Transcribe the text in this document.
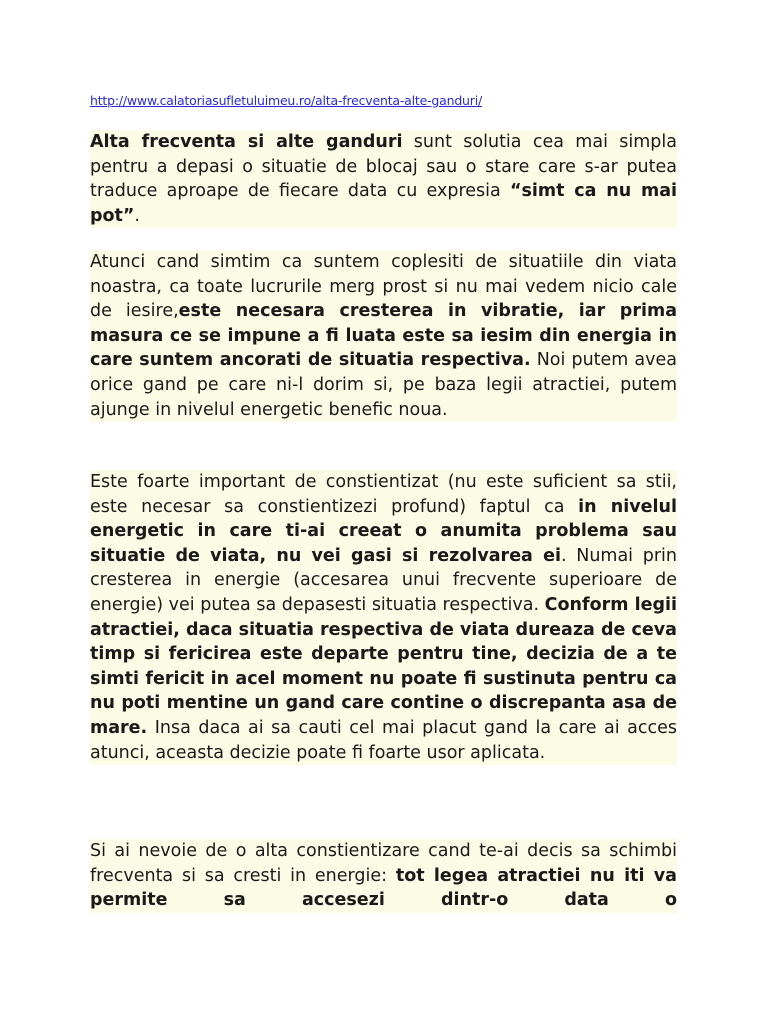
http://www.calatoriasufletuluimeu.ro/alta-frecventa-alte-ganduri/

Alta frecventa si alte ganduri sunt solutia cea mai simpla pentru a depasi o situatie de blocaj sau o stare care s-ar putea traduce aproape de fiecare data cu expresia “simt ca nu mai pot”.

Atunci cand simtim ca suntem coplesiti de situatiile din viata noastra, ca toate lucrurile merg prost si nu mai vedem nicio cale de iesire,este necesara cresterea in vibratie, iar prima masura ce se impune a fi luata este sa iesim din energia in care suntem ancorati de situatia respectiva. Noi putem avea orice gand pe care ni-l dorim si, pe baza legii atractiei, putem ajunge in nivelul energetic benefic noua.

Este foarte important de constientizat (nu este suficient sa stii, este necesar sa constientizezi profund) faptul ca in nivelul energetic in care ti-ai creeat o anumita problema sau situatie de viata, nu vei gasi si rezolvarea ei. Numai prin cresterea in energie (accesarea unui frecvente superioare de energie) vei putea sa depasesti situatia respectiva. Conform legii atractiei, daca situatia respectiva de viata dureaza de ceva timp si fericirea este departe pentru tine, decizia de a te simti fericit in acel moment nu poate fi sustinuta pentru ca nu poti mentine un gand care contine o discrepanta asa de mare. Insa daca ai sa cauti cel mai placut gand la care ai acces atunci, aceasta decizie poate fi foarte usor aplicata.

Si ai nevoie de o alta constientizare cand te-ai decis sa schimbi frecventa si sa cresti in energie: tot legea atractiei nu iti va permite sa accesezi dintr-o data o
